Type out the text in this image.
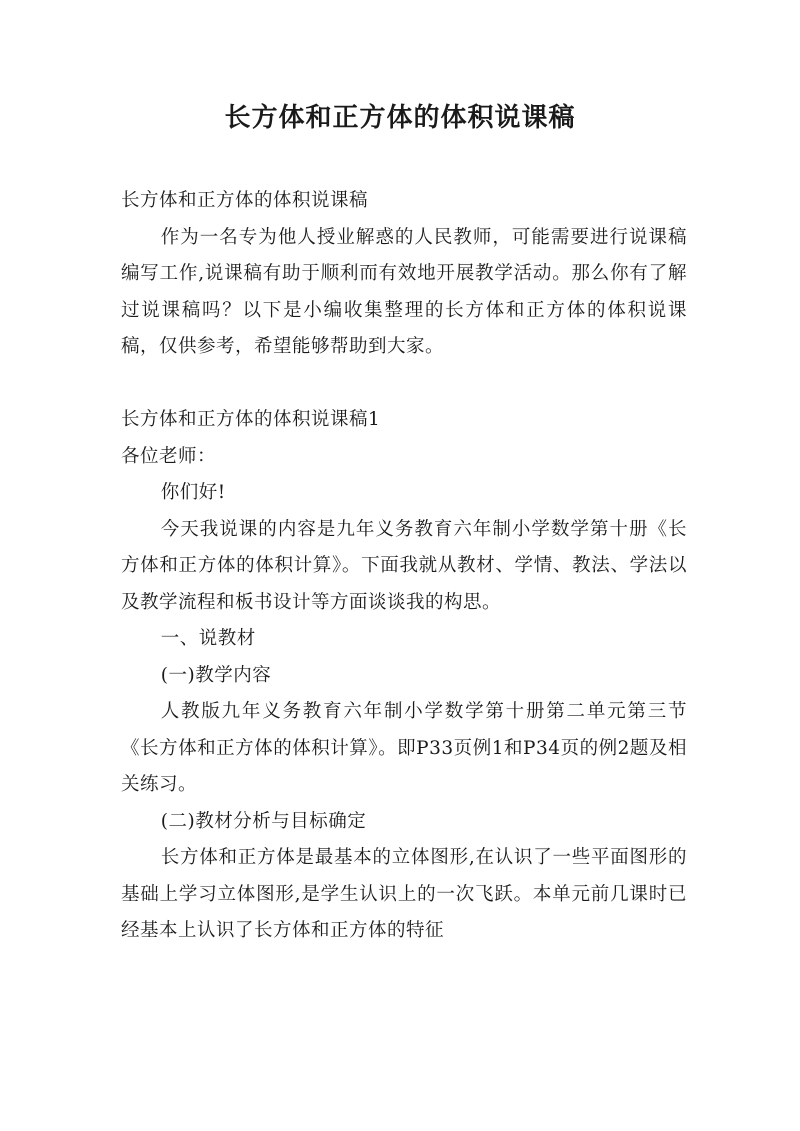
长方体和正方体的体积说课稿

长方体和正方体的体积说课稿

作为一名专为他人授业解惑的人民教师，可能需要进行说课稿编写工作,说课稿有助于顺利而有效地开展教学活动。那么你有了解过说课稿吗？以下是小编收集整理的长方体和正方体的体积说课稿，仅供参考，希望能够帮助到大家。

长方体和正方体的体积说课稿1

各位老师：

你们好!

今天我说课的内容是九年义务教育六年制小学数学第十册《长方体和正方体的体积计算》。下面我就从教材、学情、教法、学法以及教学流程和板书设计等方面谈谈我的构思。

一、说教材

(一)教学内容

人教版九年义务教育六年制小学数学第十册第二单元第三节《长方体和正方体的体积计算》。即P33页例1和P34页的例2题及相关练习。

(二)教材分析与目标确定

长方体和正方体是最基本的立体图形,在认识了一些平面图形的基础上学习立体图形,是学生认识上的一次飞跃。本单元前几课时已经基本上认识了长方体和正方体的特征
